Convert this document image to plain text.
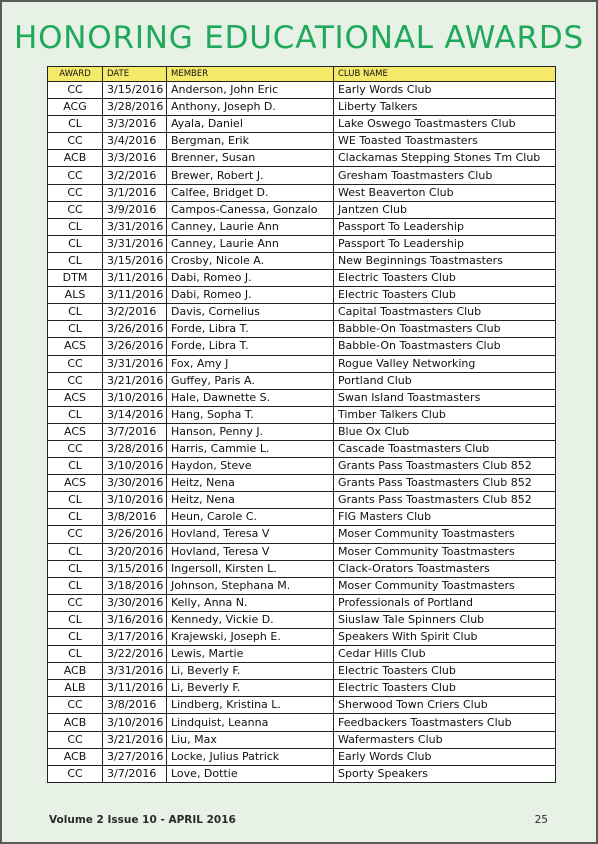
HONORING EDUCATIONAL AWARDS
AWARD	DATE	MEMBER	CLUB NAME
CC	3/15/2016	Anderson, John Eric	Early Words Club
ACG	3/28/2016	Anthony, Joseph D.	Liberty Talkers
CL	3/3/2016	Ayala, Daniel	Lake Oswego Toastmasters Club
CC	3/4/2016	Bergman, Erik	WE Toasted Toastmasters
ACB	3/3/2016	Brenner, Susan	Clackamas Stepping Stones Tm Club
CC	3/2/2016	Brewer, Robert J.	Gresham Toastmasters Club
CC	3/1/2016	Calfee, Bridget D.	West Beaverton Club
CC	3/9/2016	Campos-Canessa, Gonzalo	Jantzen Club
CL	3/31/2016	Canney, Laurie Ann	Passport To Leadership
CL	3/31/2016	Canney, Laurie Ann	Passport To Leadership
CL	3/15/2016	Crosby, Nicole A.	New Beginnings Toastmasters
DTM	3/11/2016	Dabi, Romeo J.	Electric Toasters Club
ALS	3/11/2016	Dabi, Romeo J.	Electric Toasters Club
CL	3/2/2016	Davis, Cornelius	Capital Toastmasters Club
CL	3/26/2016	Forde, Libra T.	Babble-On Toastmasters Club
ACS	3/26/2016	Forde, Libra T.	Babble-On Toastmasters Club
CC	3/31/2016	Fox, Amy J	Rogue Valley Networking
CC	3/21/2016	Guffey, Paris A.	Portland Club
ACS	3/10/2016	Hale, Dawnette S.	Swan Island Toastmasters
CL	3/14/2016	Hang, Sopha T.	Timber Talkers Club
ACS	3/7/2016	Hanson, Penny J.	Blue Ox Club
CC	3/28/2016	Harris, Cammie L.	Cascade Toastmasters Club
CL	3/10/2016	Haydon, Steve	Grants Pass Toastmasters Club 852
ACS	3/30/2016	Heitz, Nena	Grants Pass Toastmasters Club 852
CL	3/10/2016	Heitz, Nena	Grants Pass Toastmasters Club 852
CL	3/8/2016	Heun, Carole C.	FIG Masters Club
CC	3/26/2016	Hovland, Teresa V	Moser Community Toastmasters
CL	3/20/2016	Hovland, Teresa V	Moser Community Toastmasters
CL	3/15/2016	Ingersoll, Kirsten L.	Clack-Orators Toastmasters
CL	3/18/2016	Johnson, Stephana M.	Moser Community Toastmasters
CC	3/30/2016	Kelly, Anna N.	Professionals of Portland
CL	3/16/2016	Kennedy, Vickie D.	Siuslaw Tale Spinners Club
CL	3/17/2016	Krajewski, Joseph E.	Speakers With Spirit Club
CL	3/22/2016	Lewis, Martie	Cedar Hills Club
ACB	3/31/2016	Li, Beverly F.	Electric Toasters Club
ALB	3/11/2016	Li, Beverly F.	Electric Toasters Club
CC	3/8/2016	Lindberg, Kristina L.	Sherwood Town Criers Club
ACB	3/10/2016	Lindquist, Leanna	Feedbackers Toastmasters Club
CC	3/21/2016	Liu, Max	Wafermasters Club
ACB	3/27/2016	Locke, Julius Patrick	Early Words Club
CC	3/7/2016	Love, Dottie	Sporty Speakers
Volume 2 Issue 10 - APRIL 2016	25
